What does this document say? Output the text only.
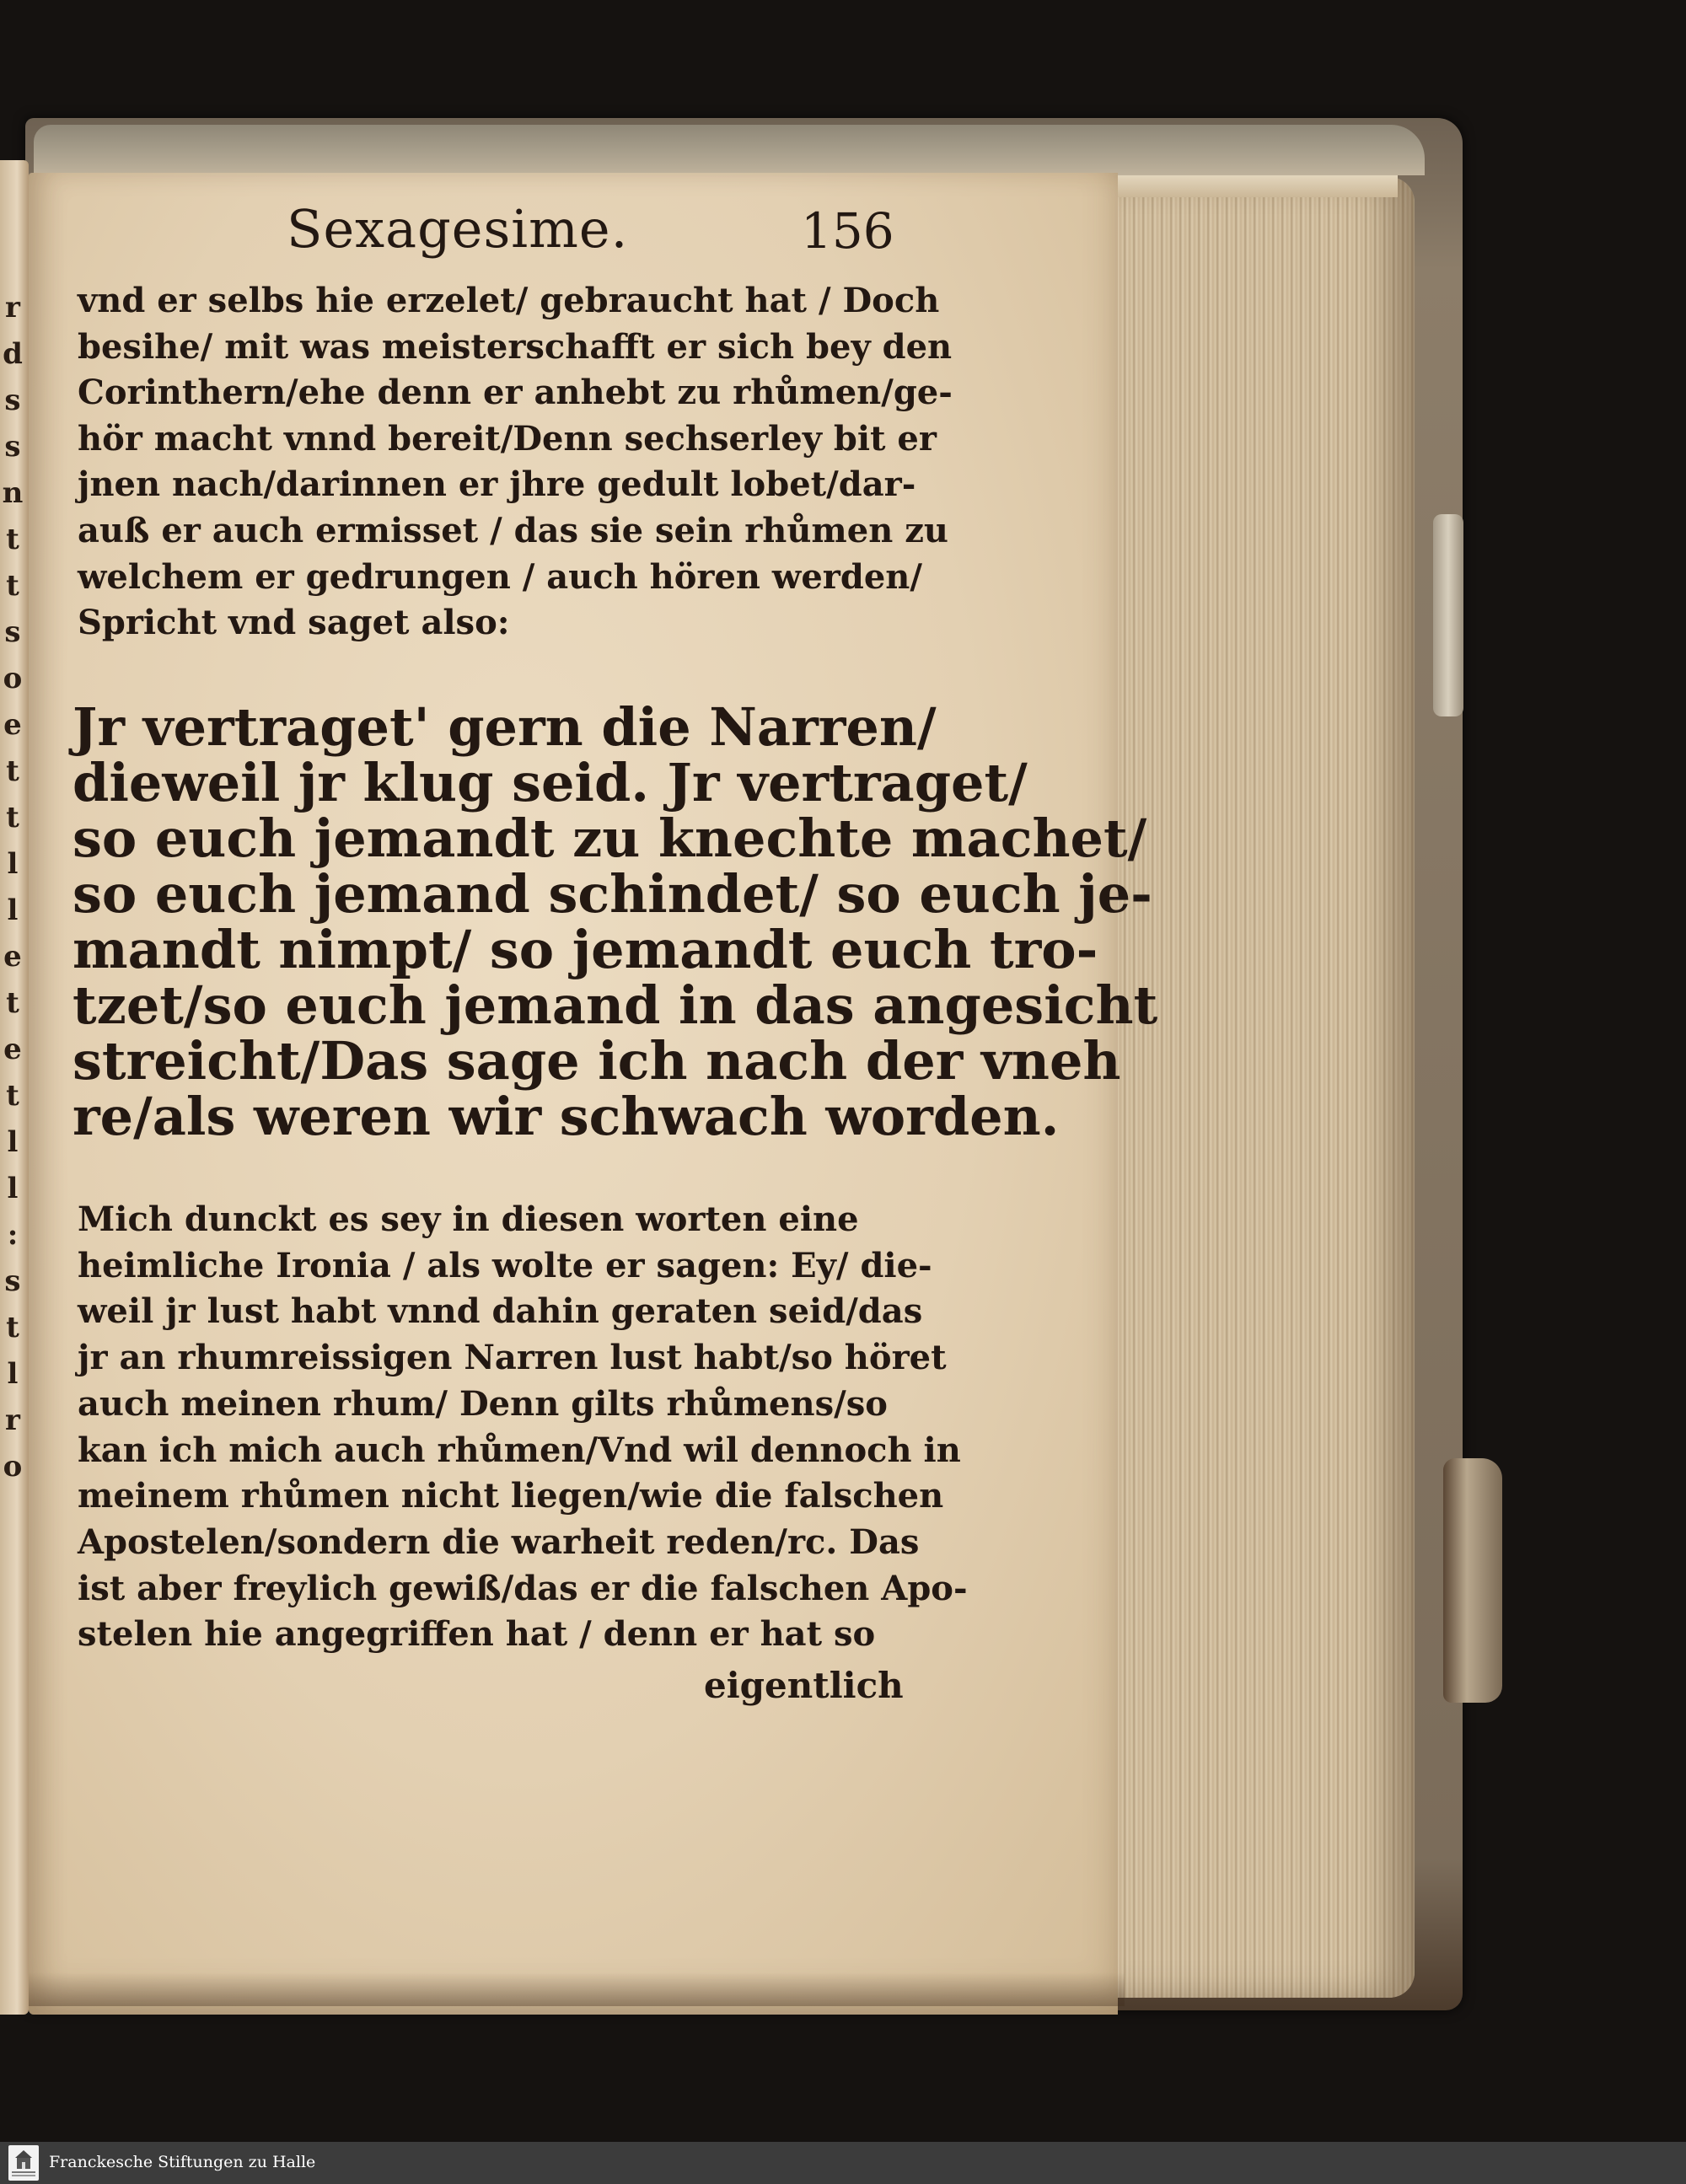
r
d
s
s
n
t
t
s
o
e
t
t
l
l
e
t
e
t
l
l
:
s
t
l
r
o
Sexagesime.	156
vnd er selbs hie erzelet/ gebraucht hat / Doch
besihe/ mit was meisterschafft er sich bey den
Corinthern/ehe denn er anhebt zu rhůmen/ge-
hör macht vnnd bereit/Denn sechserley bit er
jnen nach/darinnen er jhre gedult lobet/dar-
auß er auch ermisset / das sie sein rhůmen zu
welchem er gedrungen / auch hören werden/
Spricht vnd saget also:
Jr vertraget' gern die Narren/
dieweil jr klug seid. Jr vertraget/
so euch jemandt zu knechte machet/
so euch jemand schindet/ so euch je-
mandt nimpt/ so jemandt euch tro-
tzet/so euch jemand in das angesicht
streicht/Das sage ich nach der vneh
re/als weren wir schwach worden.
Mich dunckt es sey in diesen worten eine
heimliche Ironia / als wolte er sagen: Ey/ die-
weil jr lust habt vnnd dahin geraten seid/das
jr an rhumreissigen Narren lust habt/so höret
auch meinen rhum/ Denn gilts rhůmens/so
kan ich mich auch rhůmen/Vnd wil dennoch in
meinem rhůmen nicht liegen/wie die falschen
Apostelen/sondern die warheit reden/rc. Das
ist aber freylich gewiß/das er die falschen Apo-
stelen hie angegriffen hat / denn er hat so
eigentlich
Franckesche Stiftungen zu Halle
